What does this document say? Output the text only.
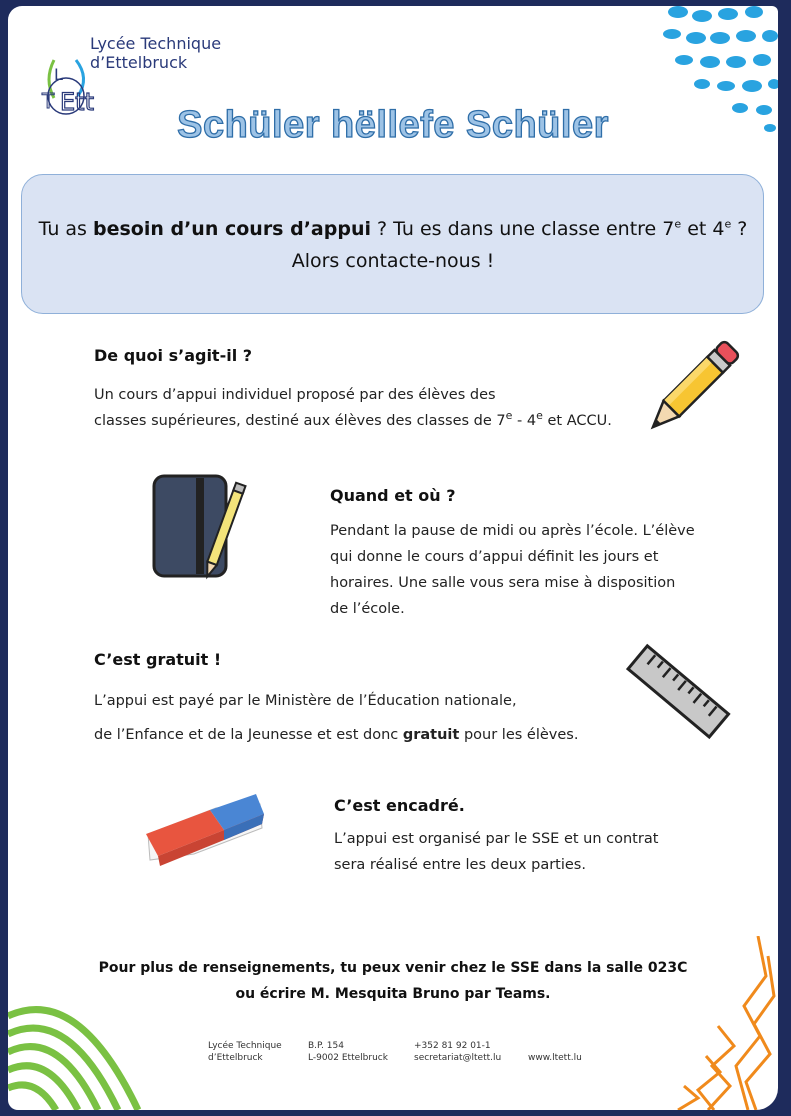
L
T Ett
Lycée Technique
d’Ettelbruck
Schüler hëllefe Schüler
Tu as besoin d’un cours d’appui ? Tu es dans une classe entre 7e et 4e ?
Alors contacte-nous !
De quoi s’agit-il ?
Un cours d’appui individuel proposé par des élèves des
classes supérieures, destiné aux élèves des classes de 7e - 4e et ACCU.
Quand et où ?
Pendant la pause de midi ou après l’école. L’élève
qui donne le cours d’appui définit les jours et
horaires. Une salle vous sera mise à disposition
de l’école.
C’est gratuit !
L’appui est payé par le Ministère de l’Éducation nationale,
de l’Enfance et de la Jeunesse et est donc gratuit pour les élèves.
C’est encadré.
L’appui est organisé par le SSE et un contrat
sera réalisé entre les deux parties.
Pour plus de renseignements, tu peux venir chez le SSE dans la salle 023C
ou écrire M. Mesquita Bruno par Teams.
Lycée Technique
d’Ettelbruck
B.P. 154
L-9002 Ettelbruck
+352 81 92 01-1
secretariat@ltett.lu	www.ltett.lu
